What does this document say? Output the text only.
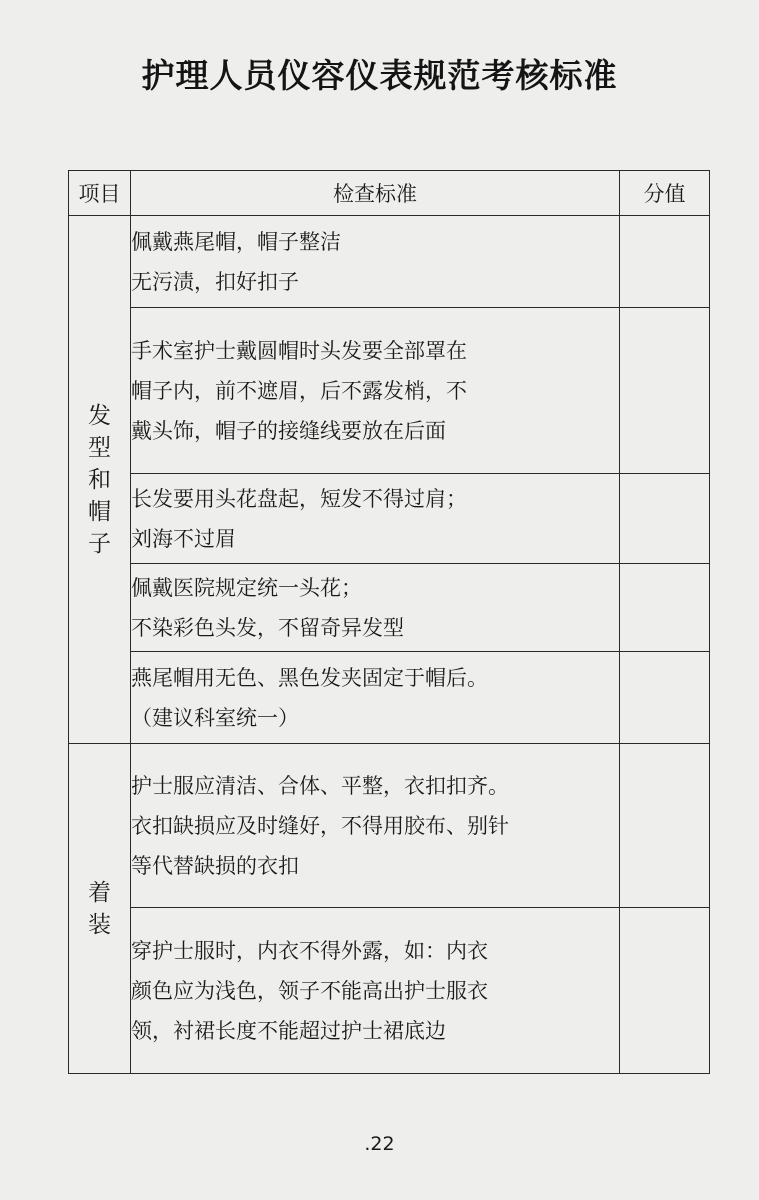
护理人员仪容仪表规范考核标准
项目	检查标准	分值
发型和帽子	佩戴燕尾帽，帽子整洁
无污渍，扣好扣子	

	手术室护士戴圆帽时头发要全部罩在
帽子内，前不遮眉，后不露发梢，不
戴头饰，帽子的接缝线要放在后面	

	长发要用头花盘起，短发不得过肩；
刘海不过眉	

	佩戴医院规定统一头花；
不染彩色头发，不留奇异发型	

	燕尾帽用无色、黑色发夹固定于帽后。
（建议科室统一）	

着装	护士服应清洁、合体、平整，衣扣扣齐。
衣扣缺损应及时缝好，不得用胶布、别针
等代替缺损的衣扣	

	穿护士服时，内衣不得外露，如：内衣
颜色应为浅色，领子不能高出护士服衣
领，衬裙长度不能超过护士裙底边	

.22
